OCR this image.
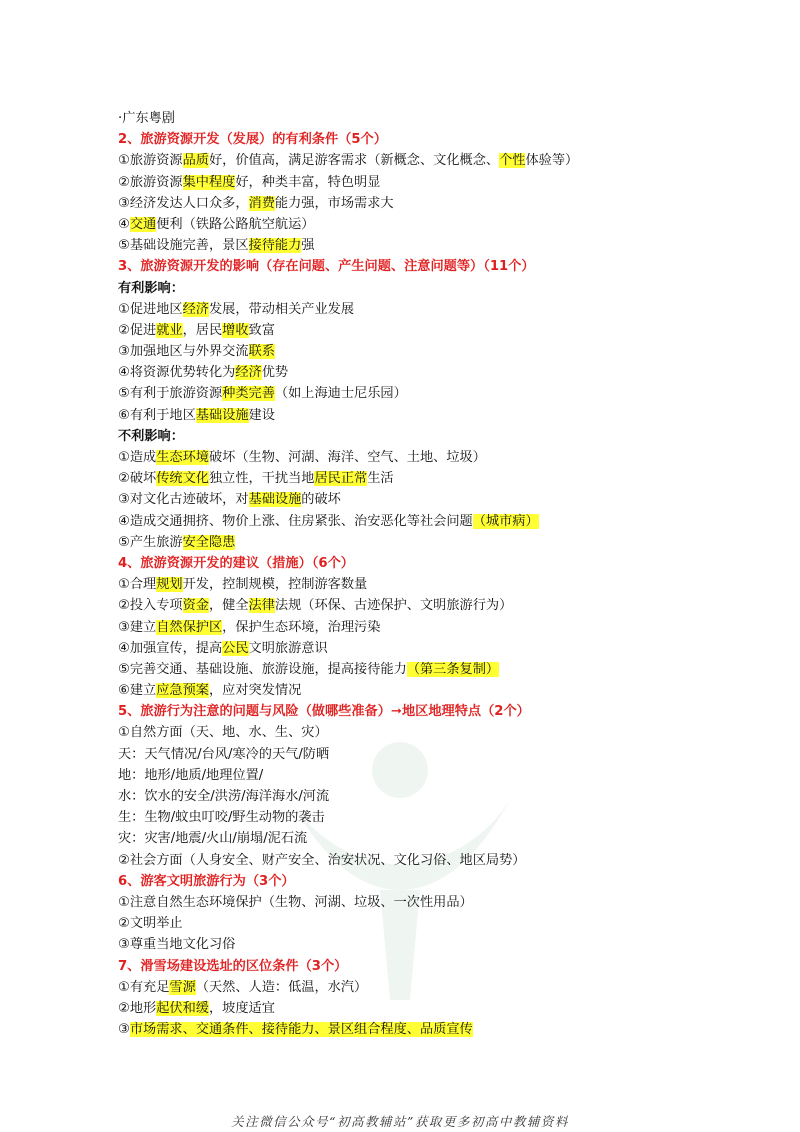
·广东粤剧
2、旅游资源开发（发展）的有利条件（5个）
①旅游资源品质好，价值高，满足游客需求（新概念、文化概念、个性体验等）
②旅游资源集中程度好，种类丰富，特色明显
③经济发达人口众多，消费能力强，市场需求大
④交通便利（铁路公路航空航运）
⑤基础设施完善，景区接待能力强
3、旅游资源开发的影响（存在问题、产生问题、注意问题等）（11个）
有利影响：
①促进地区经济发展，带动相关产业发展
②促进就业，居民增收致富
③加强地区与外界交流联系
④将资源优势转化为经济优势
⑤有利于旅游资源种类完善（如上海迪士尼乐园）
⑥有利于地区基础设施建设
不利影响：
①造成生态环境破坏（生物、河湖、海洋、空气、土地、垃圾）
②破坏传统文化独立性，干扰当地居民正常生活
③对文化古迹破坏，对基础设施的破坏
④造成交通拥挤、物价上涨、住房紧张、治安恶化等社会问题（城市病）
⑤产生旅游安全隐患
4、旅游资源开发的建议（措施）（6个）
①合理规划开发，控制规模，控制游客数量
②投入专项资金，健全法律法规（环保、古迹保护、文明旅游行为）
③建立自然保护区，保护生态环境，治理污染
④加强宣传，提高公民文明旅游意识
⑤完善交通、基础设施、旅游设施，提高接待能力（第三条复制）
⑥建立应急预案，应对突发情况
5、旅游行为注意的问题与风险（做哪些准备）➞地区地理特点（2个）
①自然方面（天、地、水、生、灾）
天：天气情况/台风/寒冷的天气/防晒
地：地形/地质/地理位置/
水：饮水的安全/洪涝/海洋海水/河流
生：生物/蚊虫叮咬/野生动物的袭击
灾：灾害/地震/火山/崩塌/泥石流
②社会方面（人身安全、财产安全、治安状况、文化习俗、地区局势）
6、游客文明旅游行为（3个）
①注意自然生态环境保护（生物、河湖、垃圾、一次性用品）
②文明举止
③尊重当地文化习俗
7、滑雪场建设选址的区位条件（3个）
①有充足雪源（天然、人造：低温，水汽）
②地形起伏和缓，坡度适宜
③市场需求、交通条件、接待能力、景区组合程度、品质宣传
关注微信公众号“初高教辅站”获取更多初高中教辅资料
